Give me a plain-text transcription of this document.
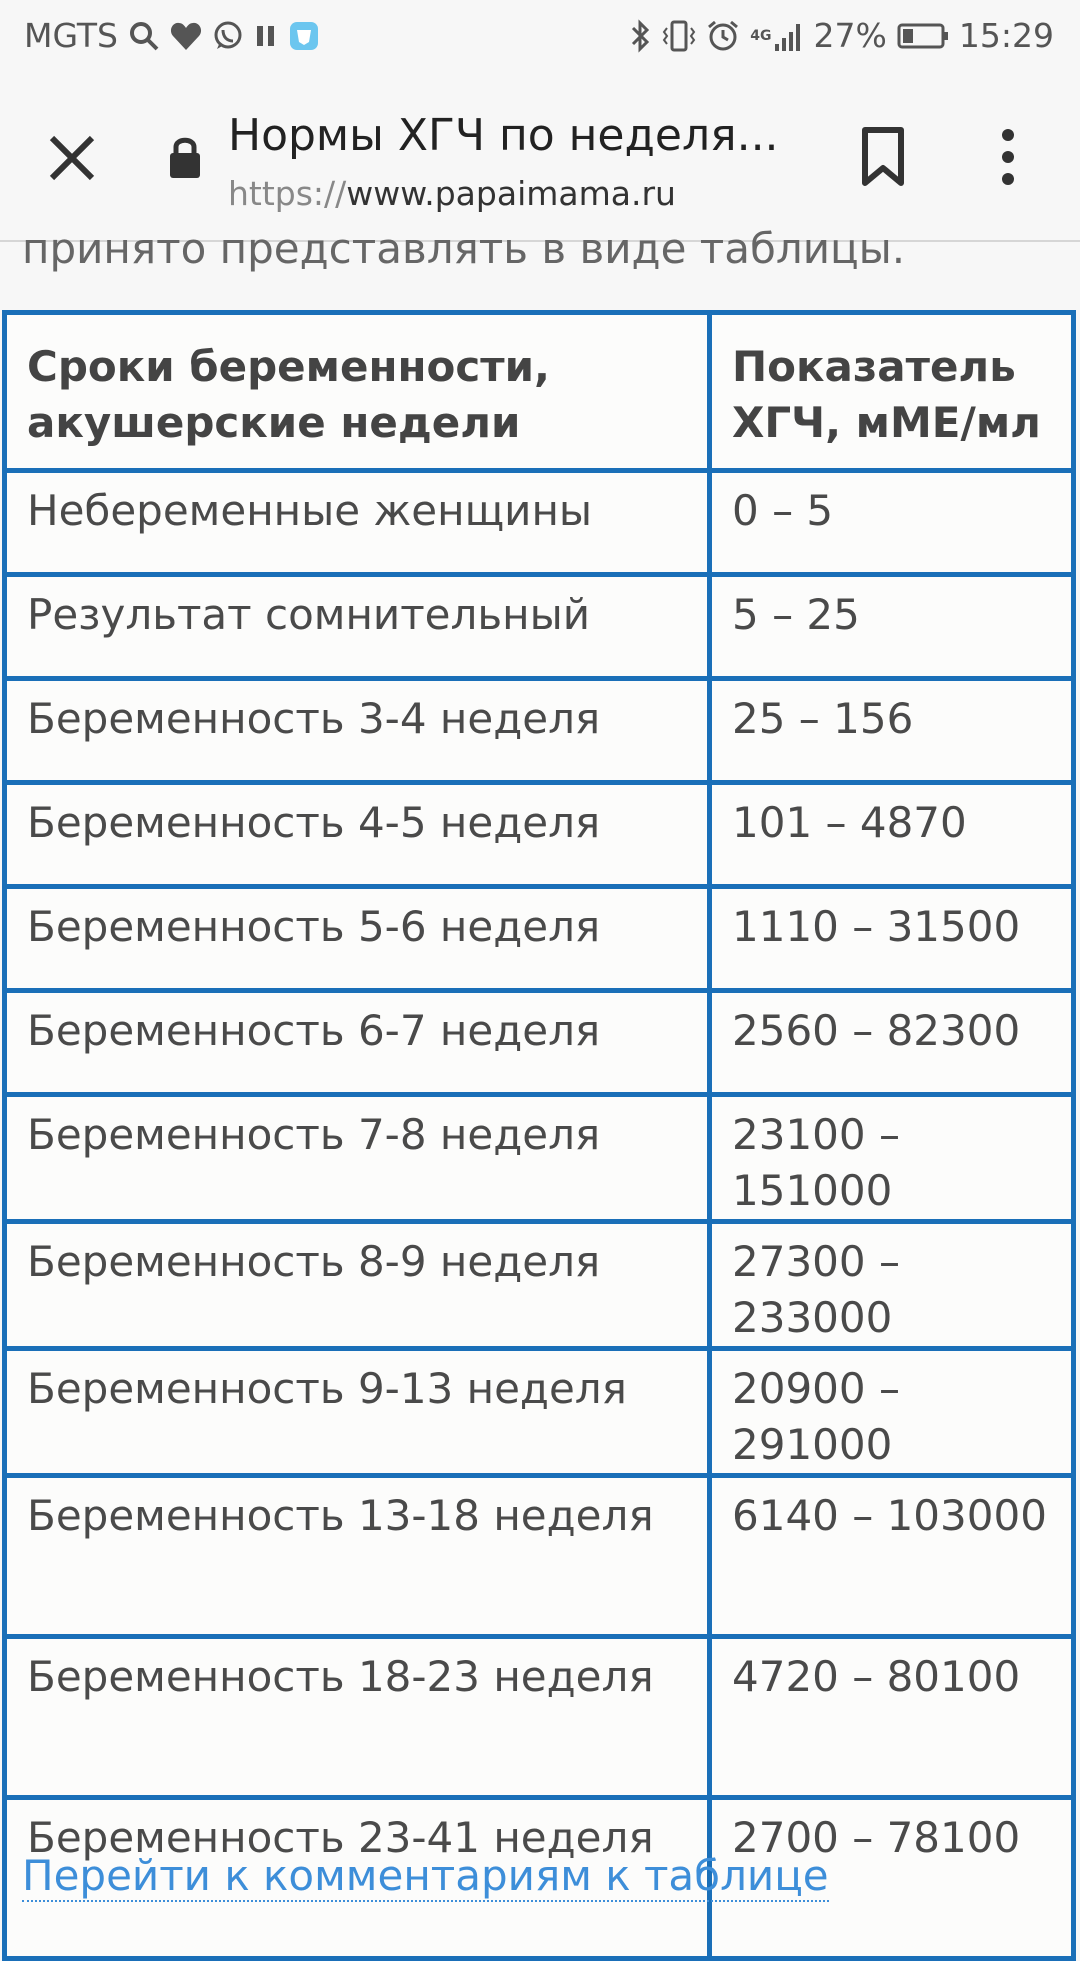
MGTS	4G 27% 15:29
Нормы ХГЧ по неделя...
https://www.papaimama.ru
принято представлять в виде таблицы.
Сроки беременности, акушерские недели	Показатель ХГЧ, мМЕ/мл
Небеременные женщины	0 – 5
Результат сомнительный	5 – 25
Беременность 3-4 неделя	25 – 156
Беременность 4-5 неделя	101 – 4870
Беременность 5-6 неделя	1110 – 31500
Беременность 6-7 неделя	2560 – 82300
Беременность 7-8 неделя	23100 – 151000
Беременность 8-9 неделя	27300 – 233000
Беременность 9-13 неделя	20900 – 291000
Беременность 13-18 неделя	6140 – 103000
Беременность 18-23 неделя	4720 – 80100
Беременность 23-41 неделя	2700 – 78100
Перейти к комментариям к таблице
